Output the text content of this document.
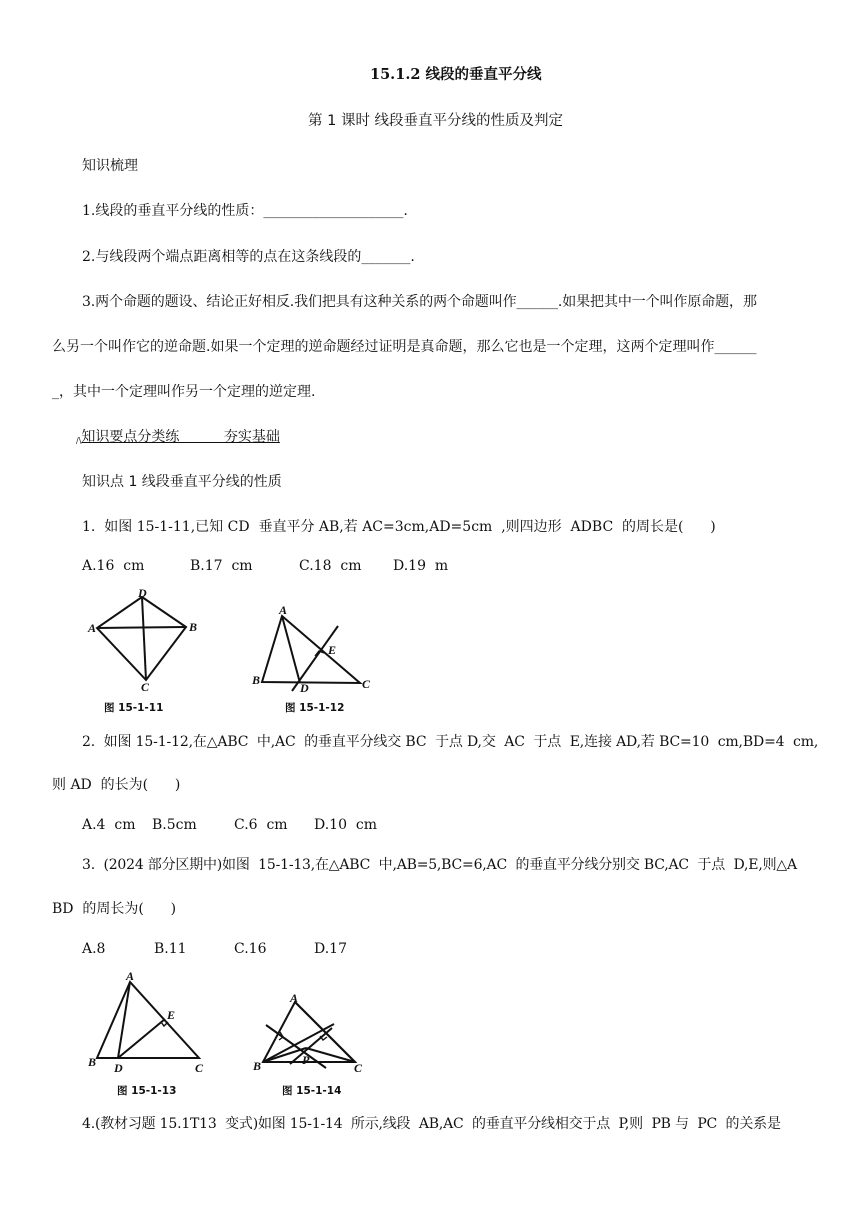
15.1.2 线段的垂直平分线
第 1 课时 线段垂直平分线的性质及判定
知识梳理
1.线段的垂直平分线的性质：____________________.
2.与线段两个端点距离相等的点在这条线段的_______.
3.两个命题的题设、结论正好相反.我们把具有这种关系的两个命题叫作______.如果把其中一个叫作原命题，那
么另一个叫作它的逆命题.如果一个定理的逆命题经过证明是真命题，那么它也是一个定理，这两个定理叫作______
_，其中一个定理叫作另一个定理的逆定理.
/\知识要点分类练          夯实基础
知识点 1 线段垂直平分线的性质
1.  如图 15-1-11,已知 CD  垂直平分 AB,若 AC=3cm,AD=5cm  ,则四边形  ADBC  的周长是(      )
A.16  cm	B.17  cm	C.18  cm D.19  m
D
A	B
C
图 15-1-11
A
B	C
D
E
图 15-1-12
2.  如图 15-1-12,在△ABC  中,AC  的垂直平分线交 BC  于点 D,交  AC  于点  E,连接 AD,若 BC=10  cm,BD=4  cm,
则 AD  的长为(      )
A.4  cm B.5cm	C.6  cm D.10  cm
3.  (2024 部分区期中)如图  15-1-13,在△ABC  中,AB=5,BC=6,AC  的垂直平分线分别交 BC,AC  于点  D,E,则△A
BD  的周长为(      )
A.8	B.11	C.16	D.17
A
B	C
D
E
图 15-1-13
A
B	C
P
图 15-1-14
4.(教材习题 15.1T13  变式)如图 15-1-14  所示,线段  AB,AC  的垂直平分线相交于点  P,则  PB 与  PC  的关系是
